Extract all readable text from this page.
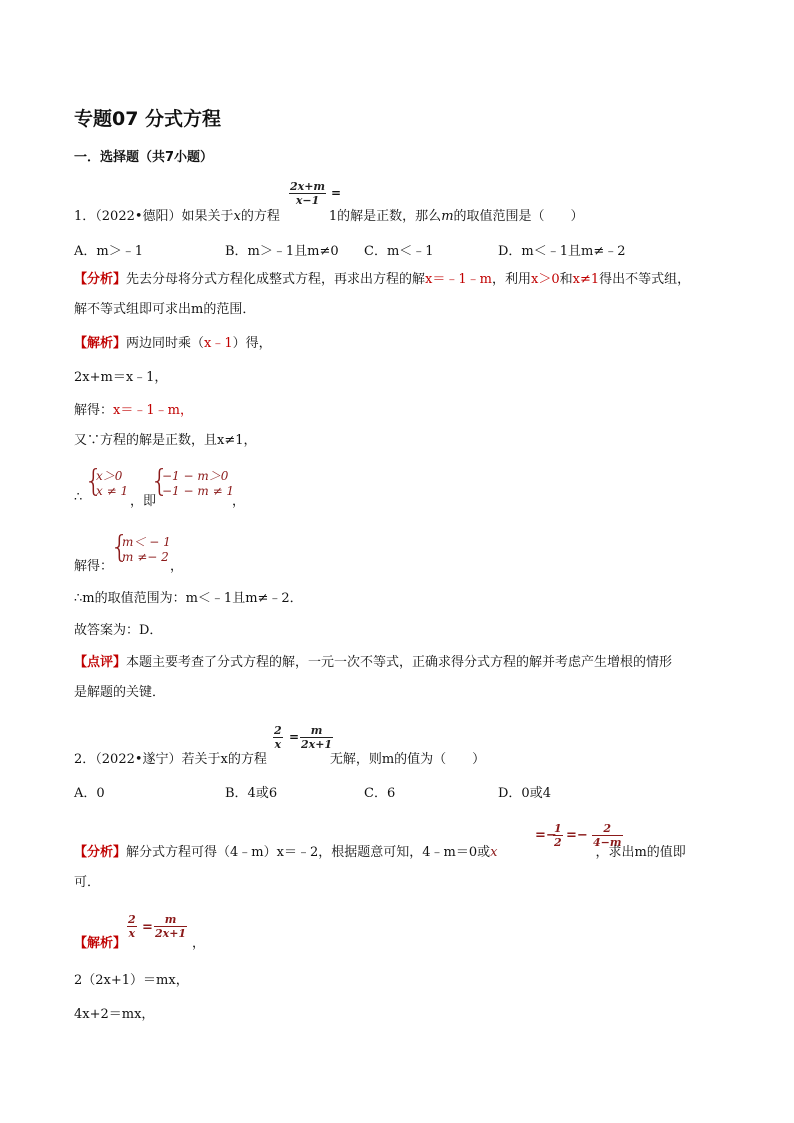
专题07 分式方程
一．选择题（共7小题）
2x+m
x−1
=
1．（2022•德阳）如果关于x的方程	1的解是正数，那么m的取值范围是（　　）
A．m＞﹣1	B．m＞﹣1且m≠0 C．m＜﹣1	D．m＜﹣1且m≠﹣2
【分析】先去分母将分式方程化成整式方程，再求出方程的解x＝﹣1﹣m，利用x＞0和x≠1得出不等式组，
解不等式组即可求出m的范围．
【解析】两边同时乘（x﹣1）得，
2x+m＝x﹣1，
解得：x＝﹣1﹣m，
又∵方程的解是正数，且x≠1，
∴ {
x＞0
x ≠ 1
，即
{
−1 − m＞0
−1 − m ≠ 1
，
解得：
{
m＜ − 1
m ≠− 2
，
∴m的取值范围为：m＜﹣1且m≠﹣2．
故答案为：D．
【点评】本题主要考查了分式方程的解，一元一次不等式，正确求得分式方程的解并考虑产生增根的情形
是解题的关键．
2
x
= m
2x+1
2．（2022•遂宁）若关于x的方程	无解，则m的值为（　　）
A．0	B．4或6	C．6	D．0或4
=−
1
2 =− 2
4−m
【分析】解分式方程可得（4﹣m）x＝﹣2，根据题意可知，4﹣m＝0或x	，求出m的值即
可．
2
x =
m
2x+1
【解析】	，
2（2x+1）＝mx，
4x+2＝mx，
